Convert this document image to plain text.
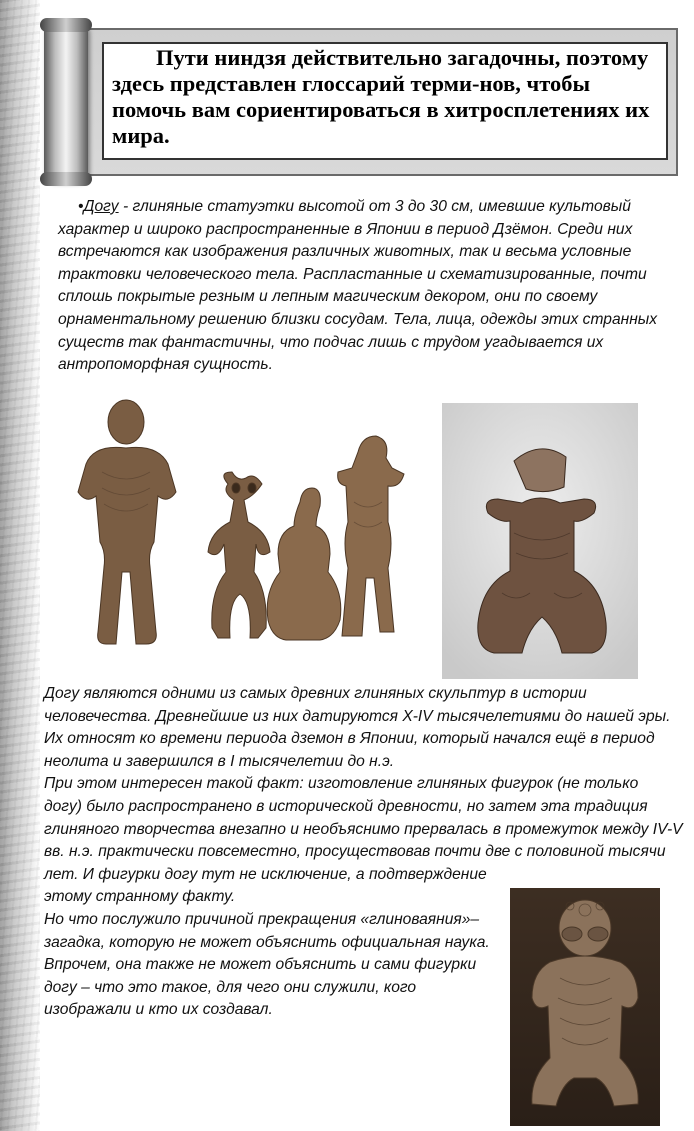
Пути ниндзя действительно загадочны, поэтому здесь представлен глоссарий терми-нов, чтобы помочь вам сориентироваться в хитросплетениях их мира.

•Догу - глиняные статуэтки высотой от 3 до 30 см, имевшие культовый

характер и широко распространенные в Японии в период Дзёмон. Среди них

встречаются как изображения различных животных, так и весьма условные

трактовки человеческого тела. Распластанные и схематизированные, почти

сплошь покрытые резным и лепным магическим декором, они по своему

орнаментальному решению близки сосудам. Тела, лица, одежды этих странных

существ так фантастичны, что подчас лишь с трудом угадывается их

антропоморфная сущность.

Догу являются одними из самых древних глиняных скульптур в истории

человечества. Древнейшие из них датируются X-IV тысячелетиями до нашей эры.

Их относят ко времени периода дземон в Японии, который начался ещё в период

неолита и завершился в I тысячелетии до н.э.

При этом интересен такой факт: изготовление глиняных фигурок (не только

догу) было распространено в исторической древности, но затем эта традиция

глиняного творчества внезапно и необъяснимо прервалась в промежуток между IV-V

вв. н.э. практически повсеместно, просуществовав почти две с половиной тысячи

лет. И фигурки догу тут не исключение, а подтверждение

этому странному факту.

Но что послужило причиной прекращения «глиноваяния»–

загадка, которую не может объяснить официальная наука.

Впрочем, она также не может объяснить и сами фигурки

догу – что это такое, для чего они служили, кого

изображали и кто их создавал.
